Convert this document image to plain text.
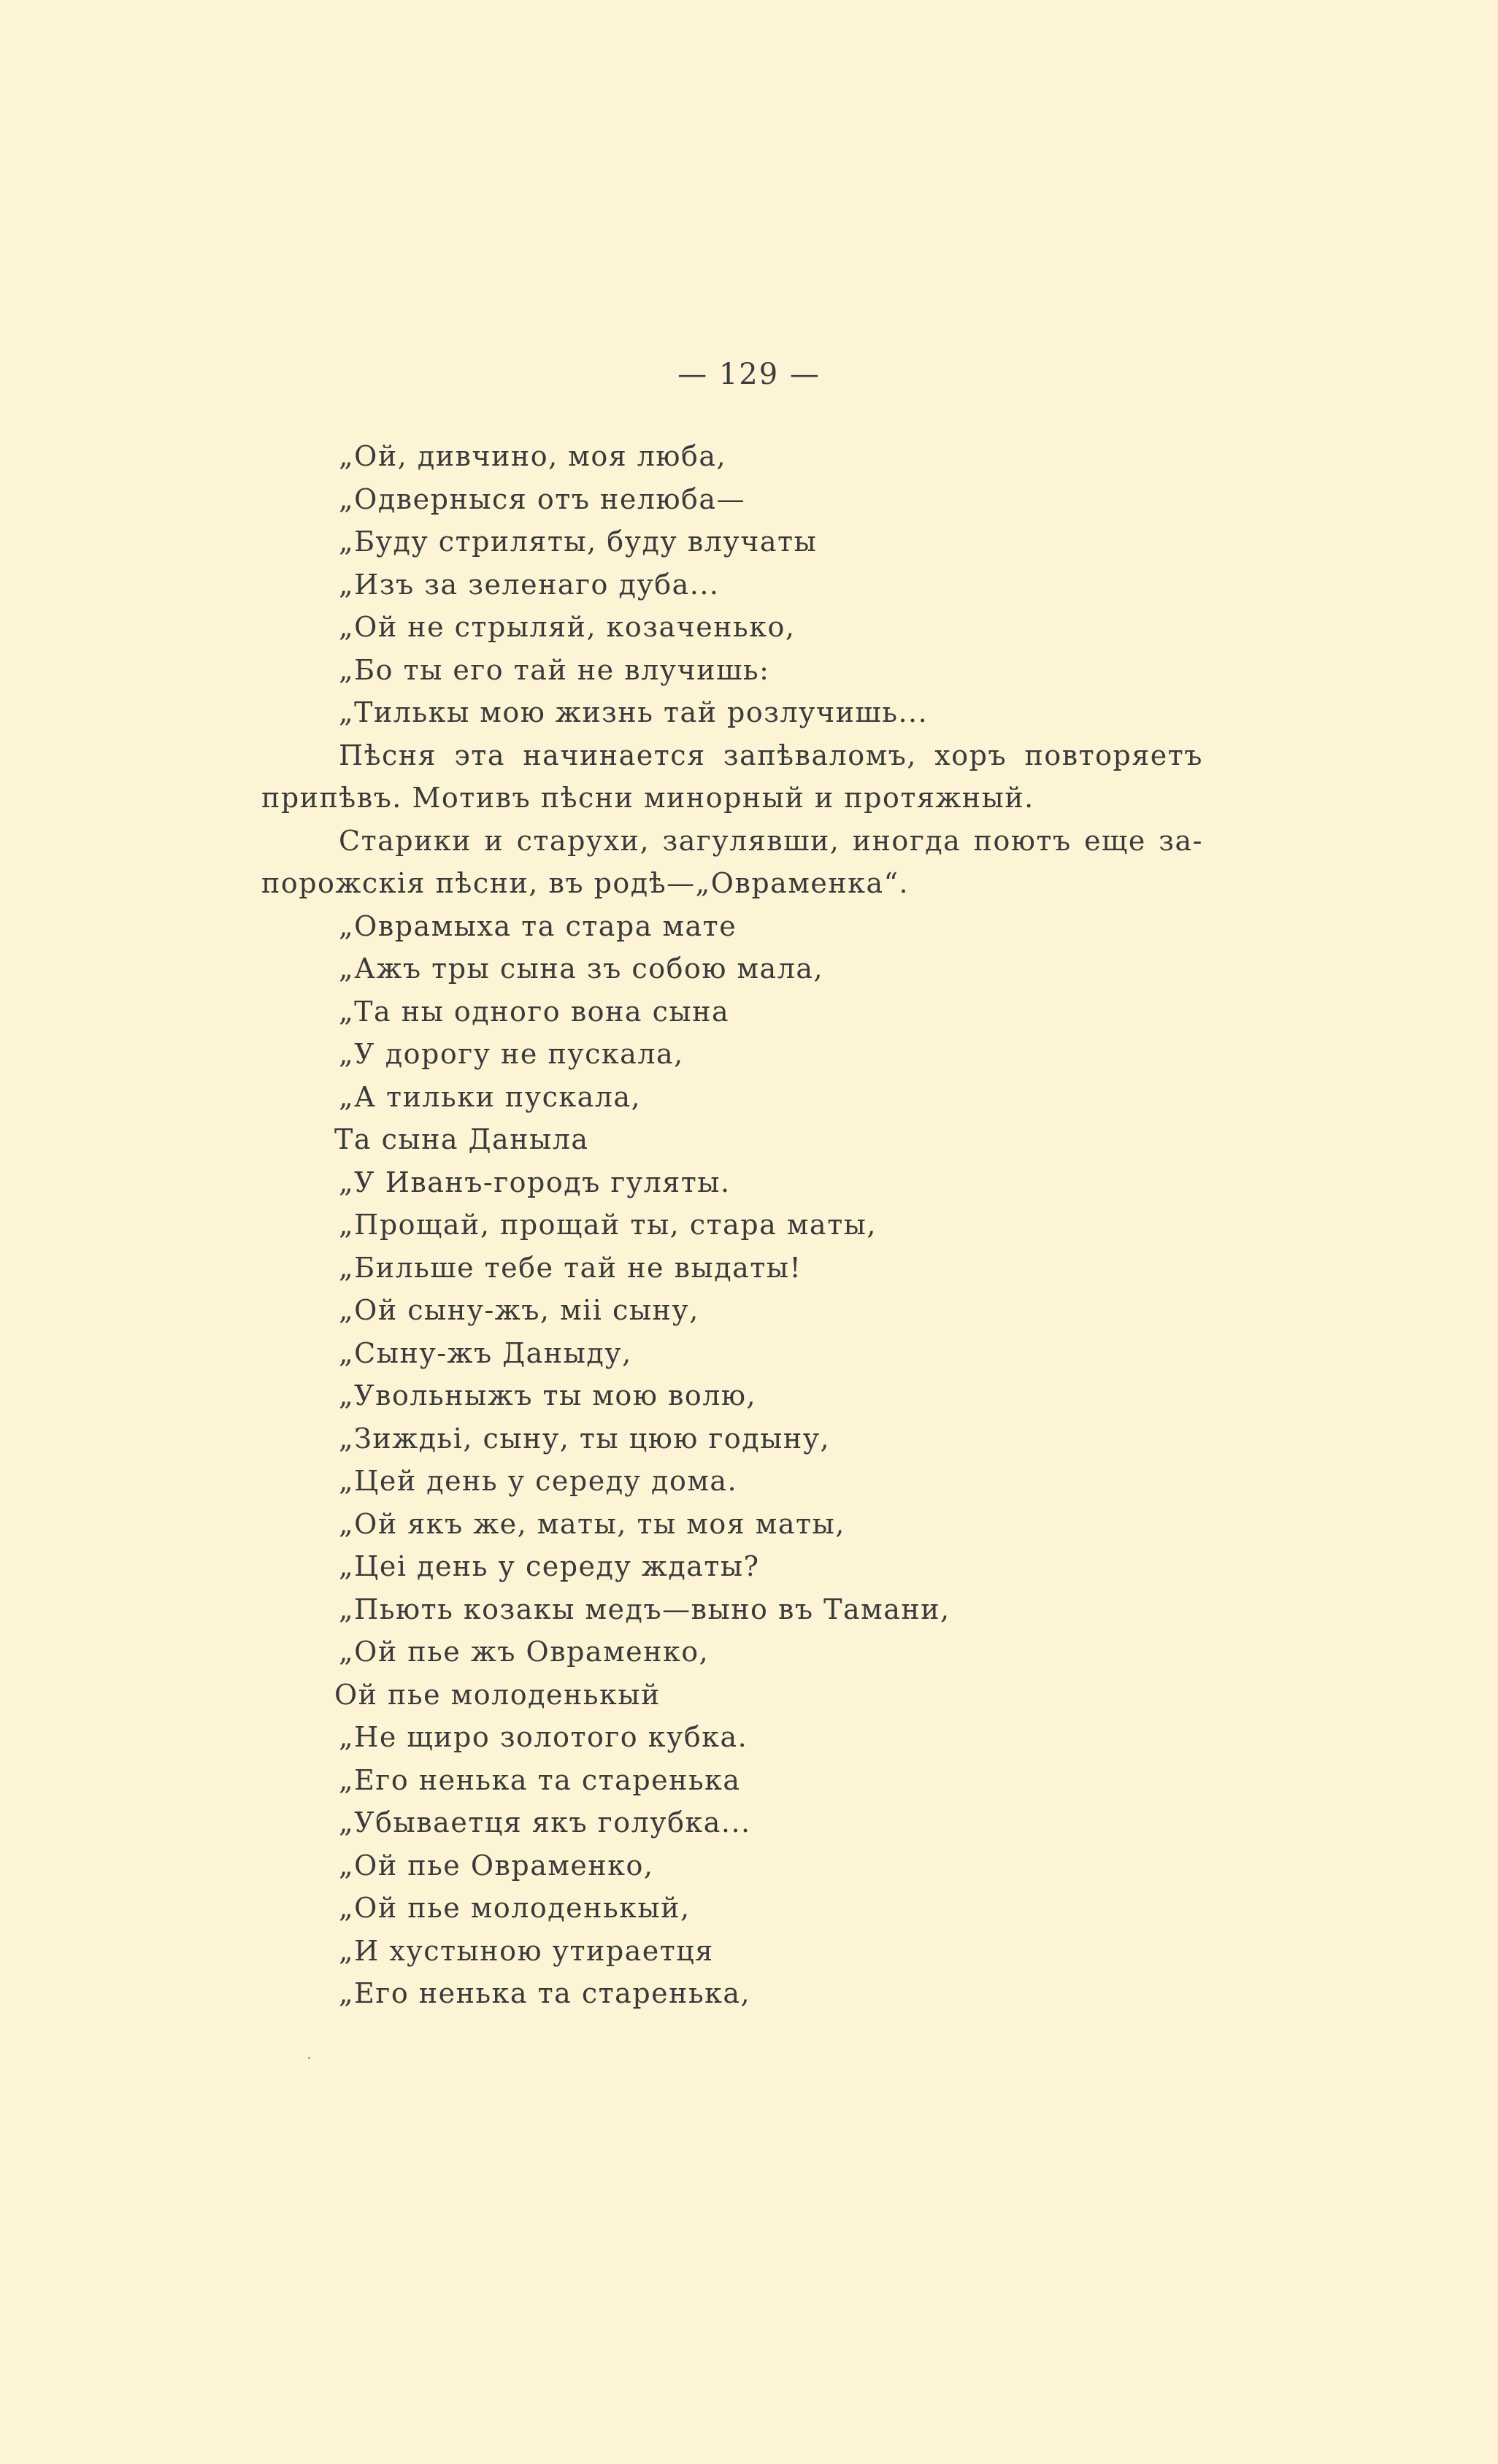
— 129 —
„Ой, дивчино, моя люба,
„Одверныся отъ нелюба—
„Буду стриляты, буду влучаты
„Изъ за зеленаго дуба...
„Ой не стрыляй, козаченько,
„Бо ты его тай не влучишь:
„Тилькы мою жизнь тай розлучишь...
Пѣсня эта начинается запѣваломъ, хоръ повторяетъ
припѣвъ. Мотивъ пѣсни минорный и протяжный.
Старики и старухи, загулявши, иногда поютъ еще за-
порожскія пѣсни, въ родѣ—„Овраменка“.
„Оврамыха та стара мате
„Ажъ тры сына зъ собою мала,
„Та ны одного вона сына
„У дорогу не пускала,
„А тильки пускала,
Та сына Даныла
„У Иванъ-городъ гуляты.
„Прощай, прощай ты, стара маты,
„Бильше тебе тай не выдаты!
„Ой сыну-жъ, міі сыну,
„Сыну-жъ Даныду,
„Увольныжъ ты мою волю,
„Зиждьі, сыну, ты цюю годыну,
„Цей день у середу дома.
„Ой якъ же, маты, ты моя маты,
„Цеі день у середу ждаты?
„Пьють козакы медъ—выно въ Тамани,
„Ой пье жъ Овраменко,
Ой пье молоденькый
„Не щиро золотого кубка.
„Его ненька та старенька
„Убываетця якъ голубка...
„Ой пье Овраменко,
„Ой пье молоденькый,
„И хустыною утираетця
„Его ненька та старенька,
